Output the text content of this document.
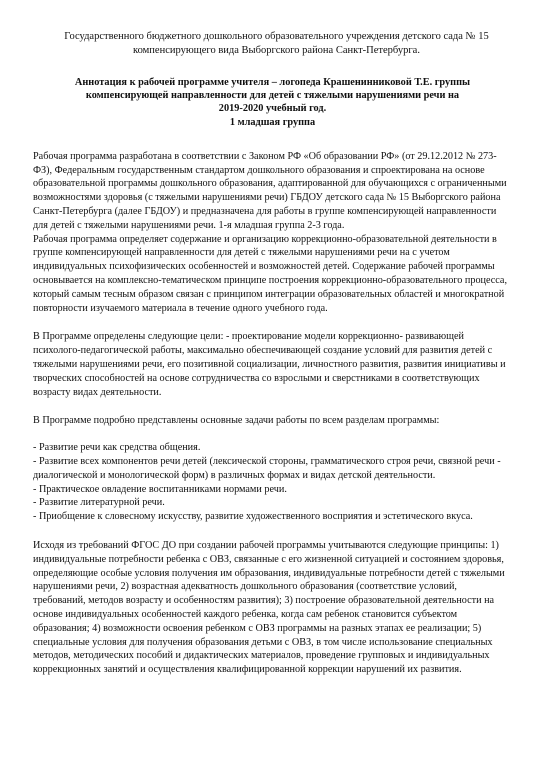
Государственного бюджетного дошкольного образовательного учреждения детского сада № 15
компенсирующего вида Выборгского района Санкт-Петербурга.
Аннотация к рабочей программе учителя – логопеда Крашенинниковой Т.Е. группы
компенсирующей направленности для детей с тяжелыми нарушениями речи на
2019-2020 учебный год.
1 младшая группа

Рабочая программа разработана в соответствии с Законом РФ «Об образовании РФ» (от 29.12.2012 № 273-ФЗ), Федеральным государственным стандартом дошкольного образования и спроектирована на основе образовательной программы дошкольного образования, адаптированной для обучающихся с ограниченными возможностями здоровья (с тяжелыми нарушениями речи) ГБДОУ детского сада № 15 Выборгского района Санкт-Петербурга (далее ГБДОУ) и предназначена для работы в группе компенсирующей направленности для детей с тяжелыми нарушениями речи. 1-я младшая группа 2-3 года.

Рабочая программа определяет содержание и организацию коррекционно-образовательной деятельности в группе компенсирующей направленности для детей с тяжелыми нарушениями речи на с учетом индивидуальных психофизических особенностей и возможностей детей. Содержание рабочей программы основывается на комплексно-тематическом принципе построения коррекционно-образовательного процесса, который самым тесным образом связан с принципом интеграции образовательных областей и многократной повторности изучаемого материала в течение одного учебного года.

В Программе определены следующие цели: - проектирование модели коррекционно- развивающей психолого-педагогической работы, максимально обеспечивающей создание условий для развития детей с тяжелыми нарушениями речи, его позитивной социализации, личностного развития, развития инициативы и творческих способностей на основе сотрудничества со взрослыми и сверстниками в соответствующих возрасту видах деятельности.

В Программе подробно представлены основные задачи работы по всем разделам программы:

- Развитие речи как средства общения.
- Развитие всех компонентов речи детей (лексической стороны, грамматического строя речи, связной речи - диалогической и монологической форм) в различных формах и видах детской деятельности.
- Практическое овладение воспитанниками нормами речи.
- Развитие литературной речи.
- Приобщение к словесному искусству, развитие художественного восприятия и эстетического вкуса.

Исходя из требований ФГОС ДО при создании рабочей программы учитываются следующие принципы: 1) индивидуальные потребности ребенка с ОВЗ, связанные с его жизненной ситуацией и состоянием здоровья, определяющие особые условия получения им образования, индивидуальные потребности детей с тяжелыми нарушениями речи, 2) возрастная адекватность дошкольного образования (соответствие условий, требований, методов возрасту и особенностям развития); 3) построение образовательной деятельности на основе индивидуальных особенностей каждого ребенка, когда сам ребенок становится субъектом образования; 4) возможности освоения ребенком с ОВЗ программы на разных этапах ее реализации; 5) специальные условия для получения образования детьми с ОВЗ, в том числе использование специальных методов, методических пособий и дидактических материалов, проведение групповых и индивидуальных коррекционных занятий и осуществления квалифицированной коррекции нарушений их развития.
